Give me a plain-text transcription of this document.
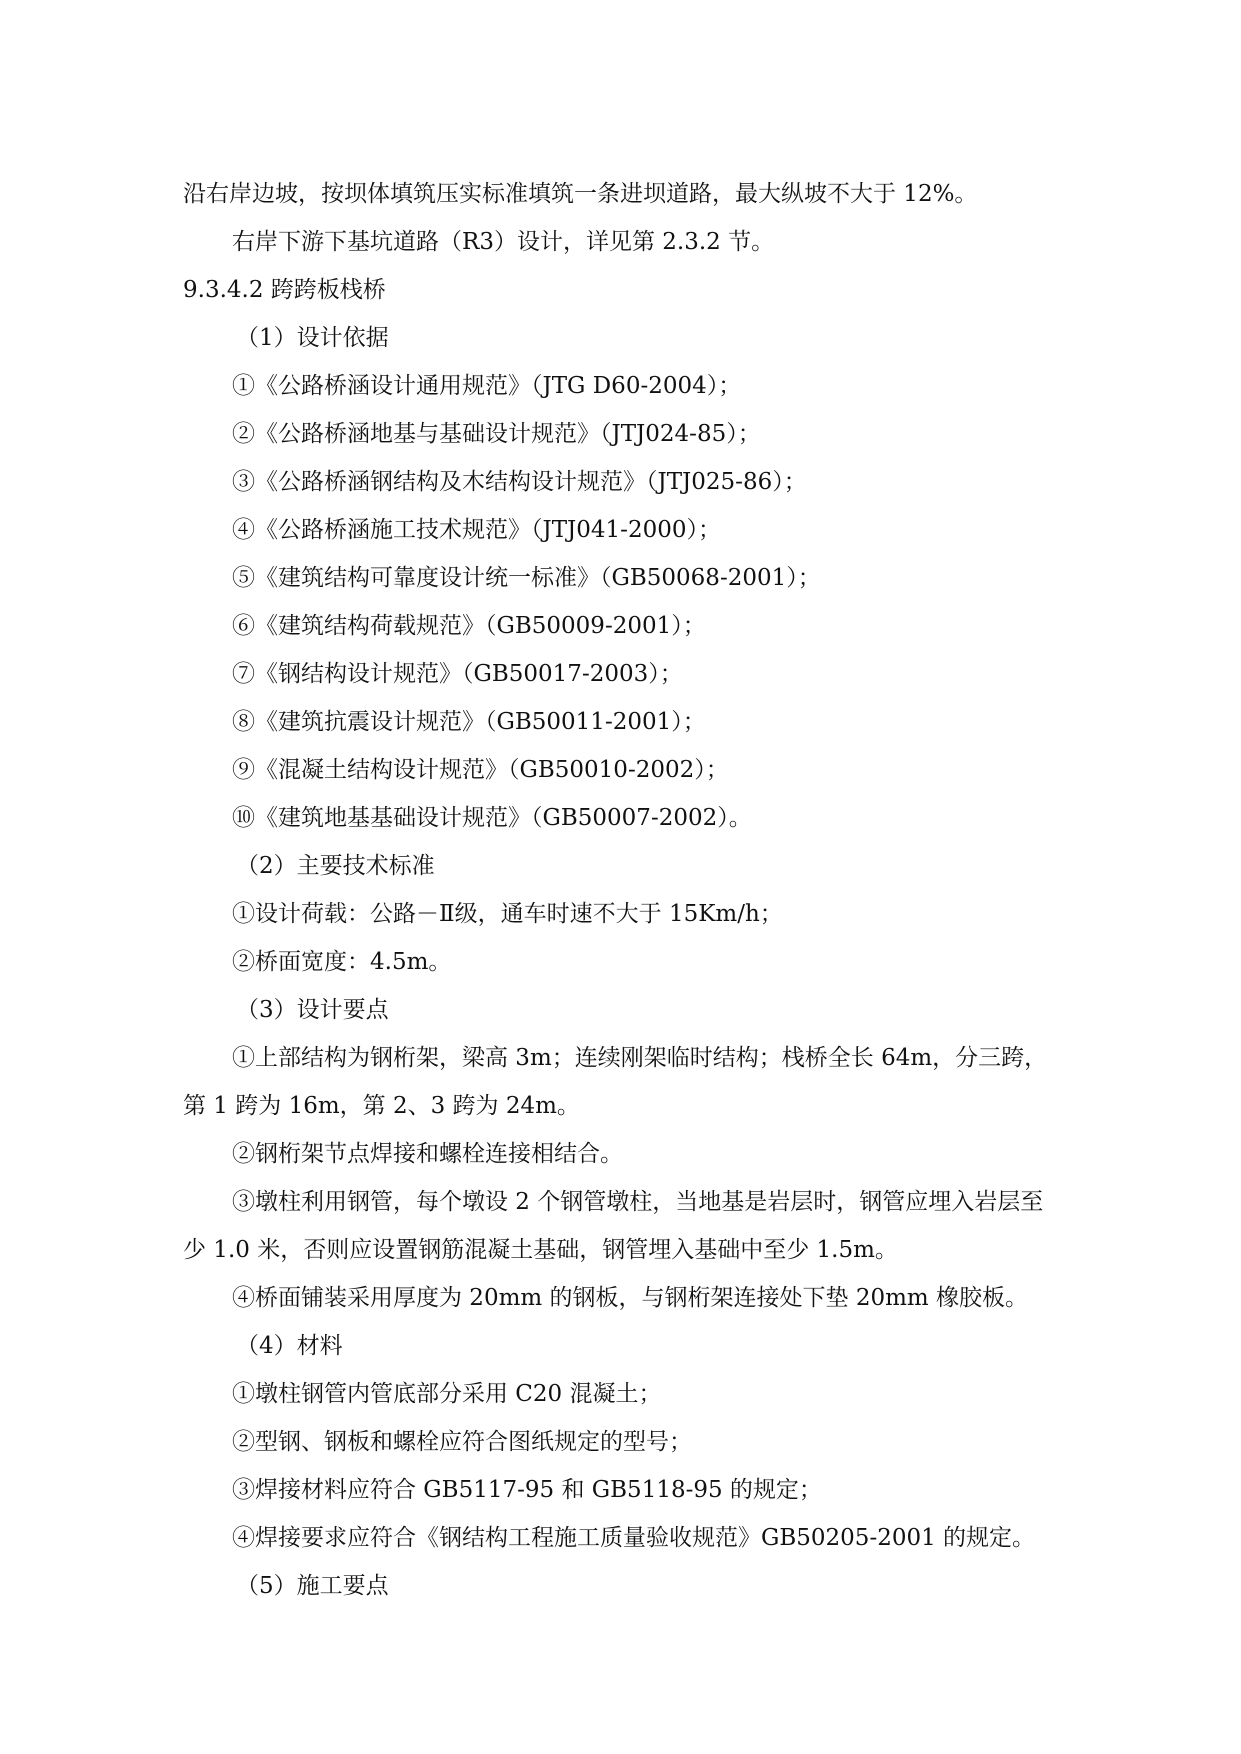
沿右岸边坡，按坝体填筑压实标准填筑一条进坝道路，最大纵坡不大于 12%。

右岸下游下基坑道路（R3）设计，详见第 2.3.2 节。

9.3.4.2 跨跨板栈桥

（1）设计依据

①《公路桥涵设计通用规范》（JTG D60-2004）；

②《公路桥涵地基与基础设计规范》（JTJ024-85）；

③《公路桥涵钢结构及木结构设计规范》（JTJ025-86）；

④《公路桥涵施工技术规范》（JTJ041-2000）；

⑤《建筑结构可靠度设计统一标准》（GB50068-2001）；

⑥《建筑结构荷载规范》（GB50009-2001）；

⑦《钢结构设计规范》（GB50017-2003）；

⑧《建筑抗震设计规范》（GB50011-2001）；

⑨《混凝土结构设计规范》（GB50010-2002）；

⑩《建筑地基基础设计规范》（GB50007-2002）。

（2）主要技术标准

①设计荷载：公路－Ⅱ级，通车时速不大于 15Km/h；

②桥面宽度：4.5m。

（3）设计要点

①上部结构为钢桁架，梁高 3m；连续刚架临时结构；栈桥全长 64m，分三跨，

第 1 跨为 16m，第 2、3 跨为 24m。

②钢桁架节点焊接和螺栓连接相结合。

③墩柱利用钢管，每个墩设 2 个钢管墩柱，当地基是岩层时，钢管应埋入岩层至

少 1.0 米，否则应设置钢筋混凝土基础，钢管埋入基础中至少 1.5m。

④桥面铺装采用厚度为 20mm 的钢板，与钢桁架连接处下垫 20mm 橡胶板。

（4）材料

①墩柱钢管内管底部分采用 C20 混凝土；

②型钢、钢板和螺栓应符合图纸规定的型号；

③焊接材料应符合 GB5117-95 和 GB5118-95 的规定；

④焊接要求应符合《钢结构工程施工质量验收规范》GB50205-2001 的规定。

（5）施工要点
